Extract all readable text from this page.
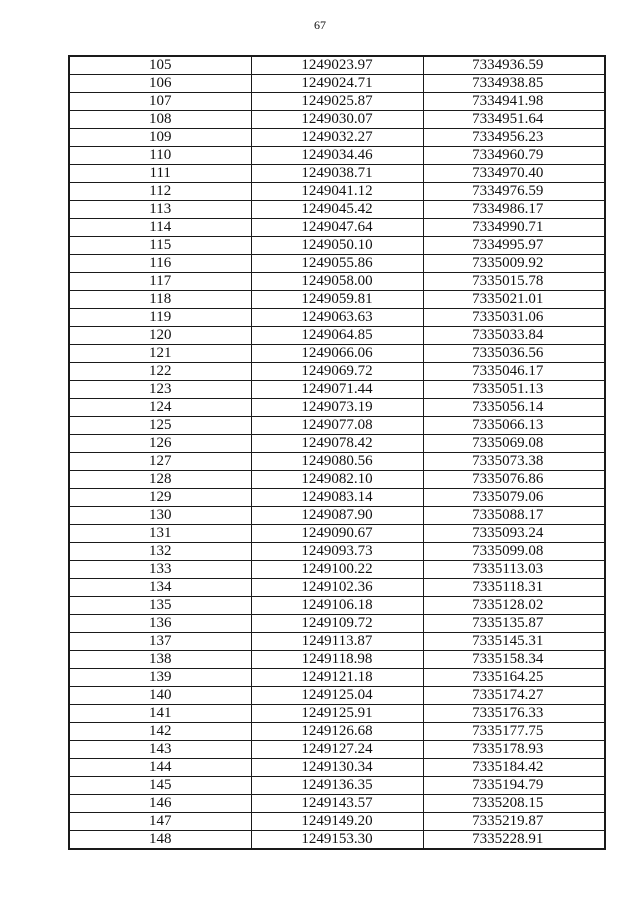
67
105	1249023.97	7334936.59
106	1249024.71	7334938.85
107	1249025.87	7334941.98
108	1249030.07	7334951.64
109	1249032.27	7334956.23
110	1249034.46	7334960.79
111	1249038.71	7334970.40
112	1249041.12	7334976.59
113	1249045.42	7334986.17
114	1249047.64	7334990.71
115	1249050.10	7334995.97
116	1249055.86	7335009.92
117	1249058.00	7335015.78
118	1249059.81	7335021.01
119	1249063.63	7335031.06
120	1249064.85	7335033.84
121	1249066.06	7335036.56
122	1249069.72	7335046.17
123	1249071.44	7335051.13
124	1249073.19	7335056.14
125	1249077.08	7335066.13
126	1249078.42	7335069.08
127	1249080.56	7335073.38
128	1249082.10	7335076.86
129	1249083.14	7335079.06
130	1249087.90	7335088.17
131	1249090.67	7335093.24
132	1249093.73	7335099.08
133	1249100.22	7335113.03
134	1249102.36	7335118.31
135	1249106.18	7335128.02
136	1249109.72	7335135.87
137	1249113.87	7335145.31
138	1249118.98	7335158.34
139	1249121.18	7335164.25
140	1249125.04	7335174.27
141	1249125.91	7335176.33
142	1249126.68	7335177.75
143	1249127.24	7335178.93
144	1249130.34	7335184.42
145	1249136.35	7335194.79
146	1249143.57	7335208.15
147	1249149.20	7335219.87
148	1249153.30	7335228.91
